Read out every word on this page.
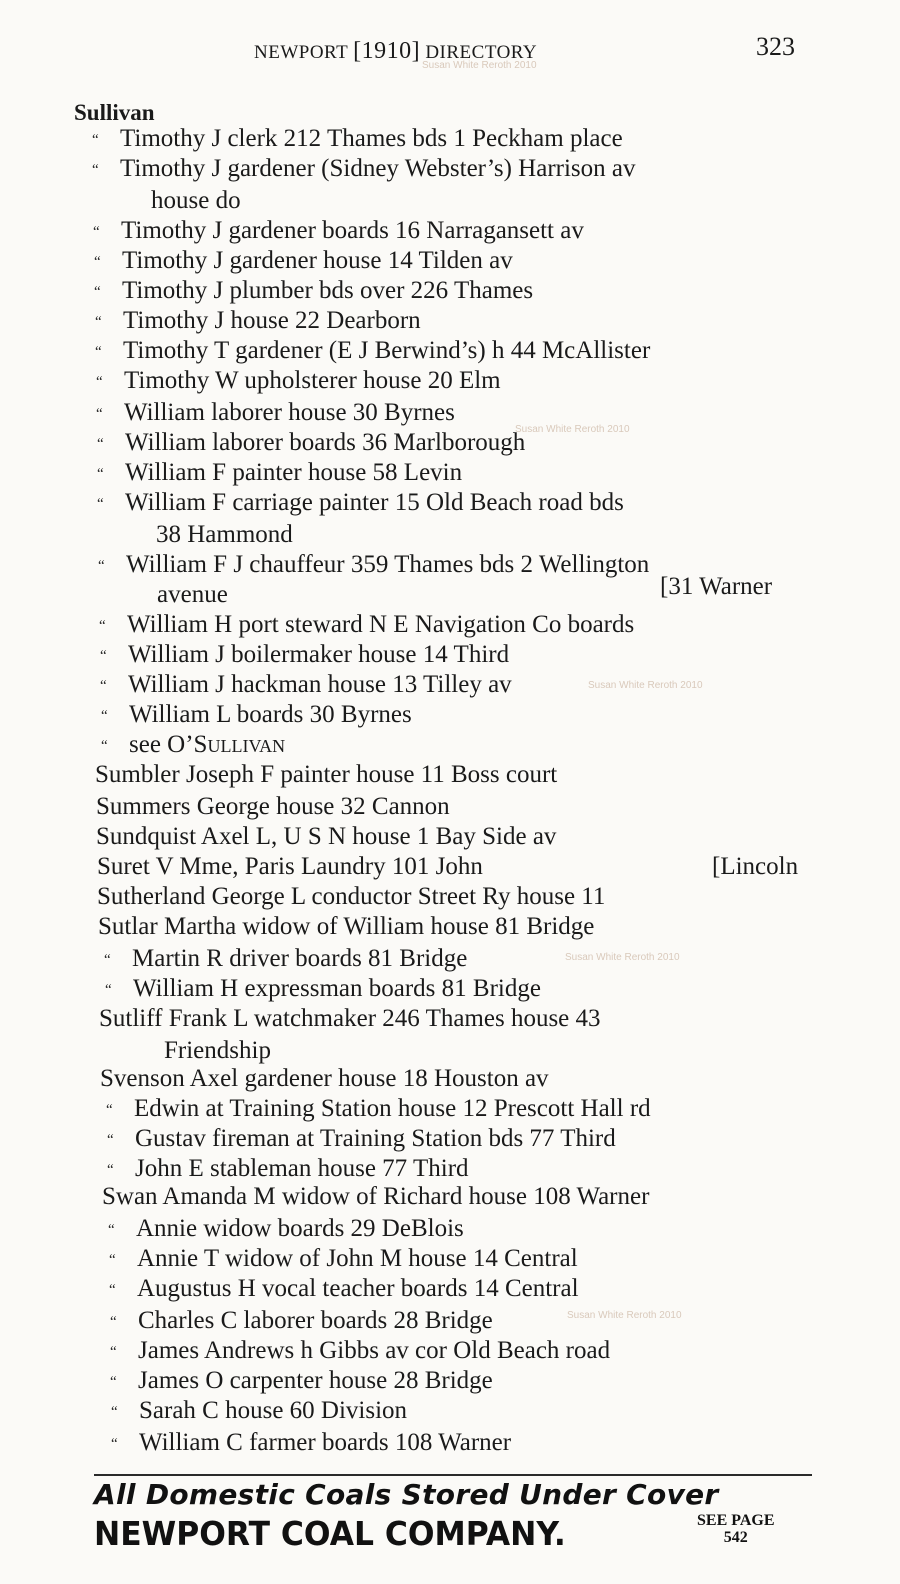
NEWPORT [1910] DIRECTORY	323
Susan White Reroth 2010
Susan White Reroth 2010
Susan White Reroth 2010
Susan White Reroth 2010
Susan White Reroth 2010
Sullivan
“ Timothy J clerk 212 Thames bds 1 Peckham place
“ Timothy J gardener (Sidney Webster’s) Harrison av
house do
“ Timothy J gardener boards 16 Narragansett av
“ Timothy J gardener house 14 Tilden av
“ Timothy J plumber bds over 226 Thames
“ Timothy J house 22 Dearborn
“ Timothy T gardener (E J Berwind’s) h 44 McAllister
“ Timothy W upholsterer house 20 Elm
“ William laborer house 30 Byrnes
“ William laborer boards 36 Marlborough
“ William F painter house 58 Levin
“ William F carriage painter 15 Old Beach road bds
38 Hammond
“ William F J chauffeur 359 Thames bds 2 Wellington
avenue	[31 Warner
“ William H port steward N E Navigation Co boards
“ William J boilermaker house 14 Third
“ William J hackman house 13 Tilley av
“ William L boards 30 Byrnes
“ see O’Sullivan
Sumbler Joseph F painter house 11 Boss court
Summers George house 32 Cannon
Sundquist Axel L, U S N house 1 Bay Side av
Suret V Mme, Paris Laundry 101 John	[Lincoln
Sutherland George L conductor Street Ry house 11
Sutlar Martha widow of William house 81 Bridge
“ Martin R driver boards 81 Bridge
“ William H expressman boards 81 Bridge
Sutliff Frank L watchmaker 246 Thames house 43
Friendship
Svenson Axel gardener house 18 Houston av
“ Edwin at Training Station house 12 Prescott Hall rd
“ Gustav fireman at Training Station bds 77 Third
“ John E stableman house 77 Third
Swan Amanda M widow of Richard house 108 Warner
“ Annie widow boards 29 DeBlois
“ Annie T widow of John M house 14 Central
“ Augustus H vocal teacher boards 14 Central
“ Charles C laborer boards 28 Bridge
“ James Andrews h Gibbs av cor Old Beach road
“ James O carpenter house 28 Bridge
“ Sarah C house 60 Division
“ William C farmer boards 108 Warner
All Domestic Coals Stored Under Cover
NEWPORT COAL COMPANY.	SEE PAGE
542
